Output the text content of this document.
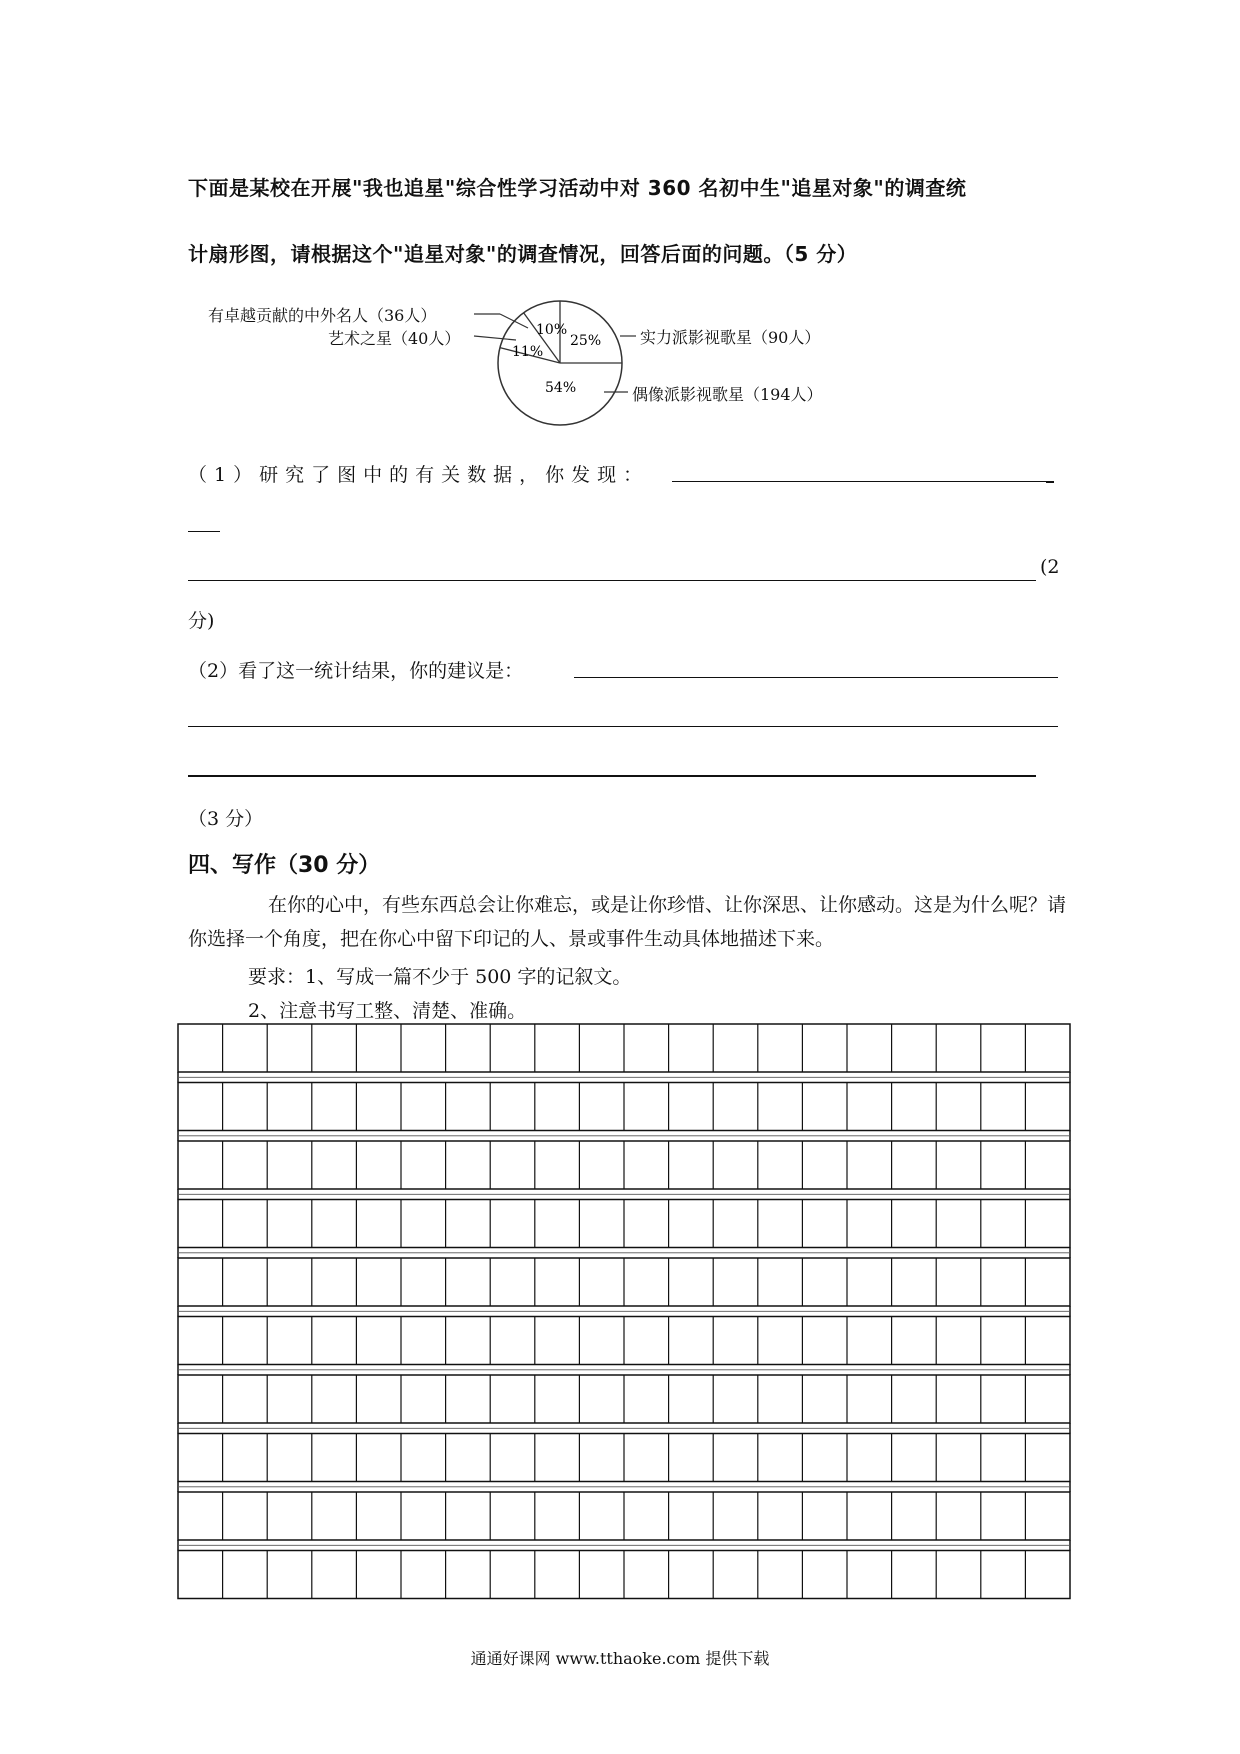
下面是某校在开展"我也追星"综合性学习活动中对 360 名初中生"追星对象"的调查统
计扇形图，请根据这个"追星对象"的调查情况，回答后面的问题。（5 分）
10%
11%
54%
25%
有卓越贡献的中外名人（36人）
艺术之星（40人）	实力派影视歌星（90人）
偶像派影视歌星（194人）
（1）研究了图中的有关数据，你发现：
(2
分)
（2）看了这一统计结果，你的建议是：
（3 分）
四、写作（30 分）
在你的心中，有些东西总会让你难忘，或是让你珍惜、让你深思、让你感动。这是为什么呢？请你选择一个角度，把在你心中留下印记的人、景或事件生动具体地描述下来。
要求：1、写成一篇不少于 500 字的记叙文。
2、注意书写工整、清楚、准确。
通通好课网 www.tthaoke.com 提供下载
